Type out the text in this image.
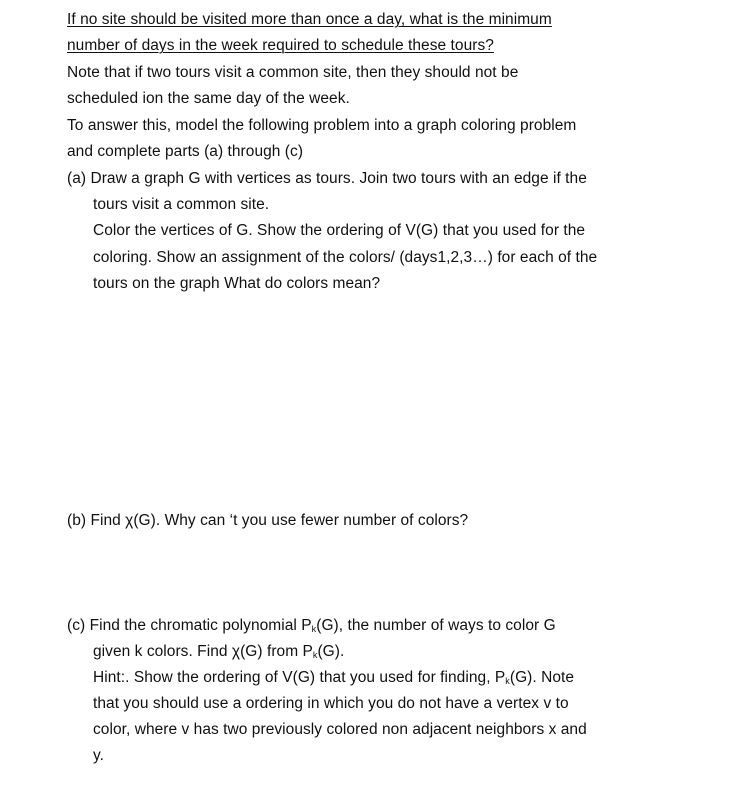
If no site should be visited more than once a day, what is the minimum
number of days in the week required to schedule these tours?
Note that if two tours visit a common site, then they should not be
scheduled ion the same day of the week.
To answer this, model the following problem into a graph coloring problem
and complete parts (a) through (c)
(a) Draw a graph G with vertices as tours. Join two tours with an edge if the
tours visit a common site.
Color the vertices of G. Show the ordering of V(G) that you used for the
coloring. Show an assignment of the colors/ (days1,2,3…) for each of the
tours on the graph What do colors mean?
(b) Find χ(G). Why can ‘t you use fewer number of colors?
(c) Find the chromatic polynomial $P_k(G)$, the number of ways to color G
given k colors. Find χ(G) from $P_k(G)$.
Hint:. Show the ordering of V(G) that you used for finding, $P_k(G)$. Note
that you should use a ordering in which you do not have a vertex v to
color, where v has two previously colored non adjacent neighbors x and
y.
